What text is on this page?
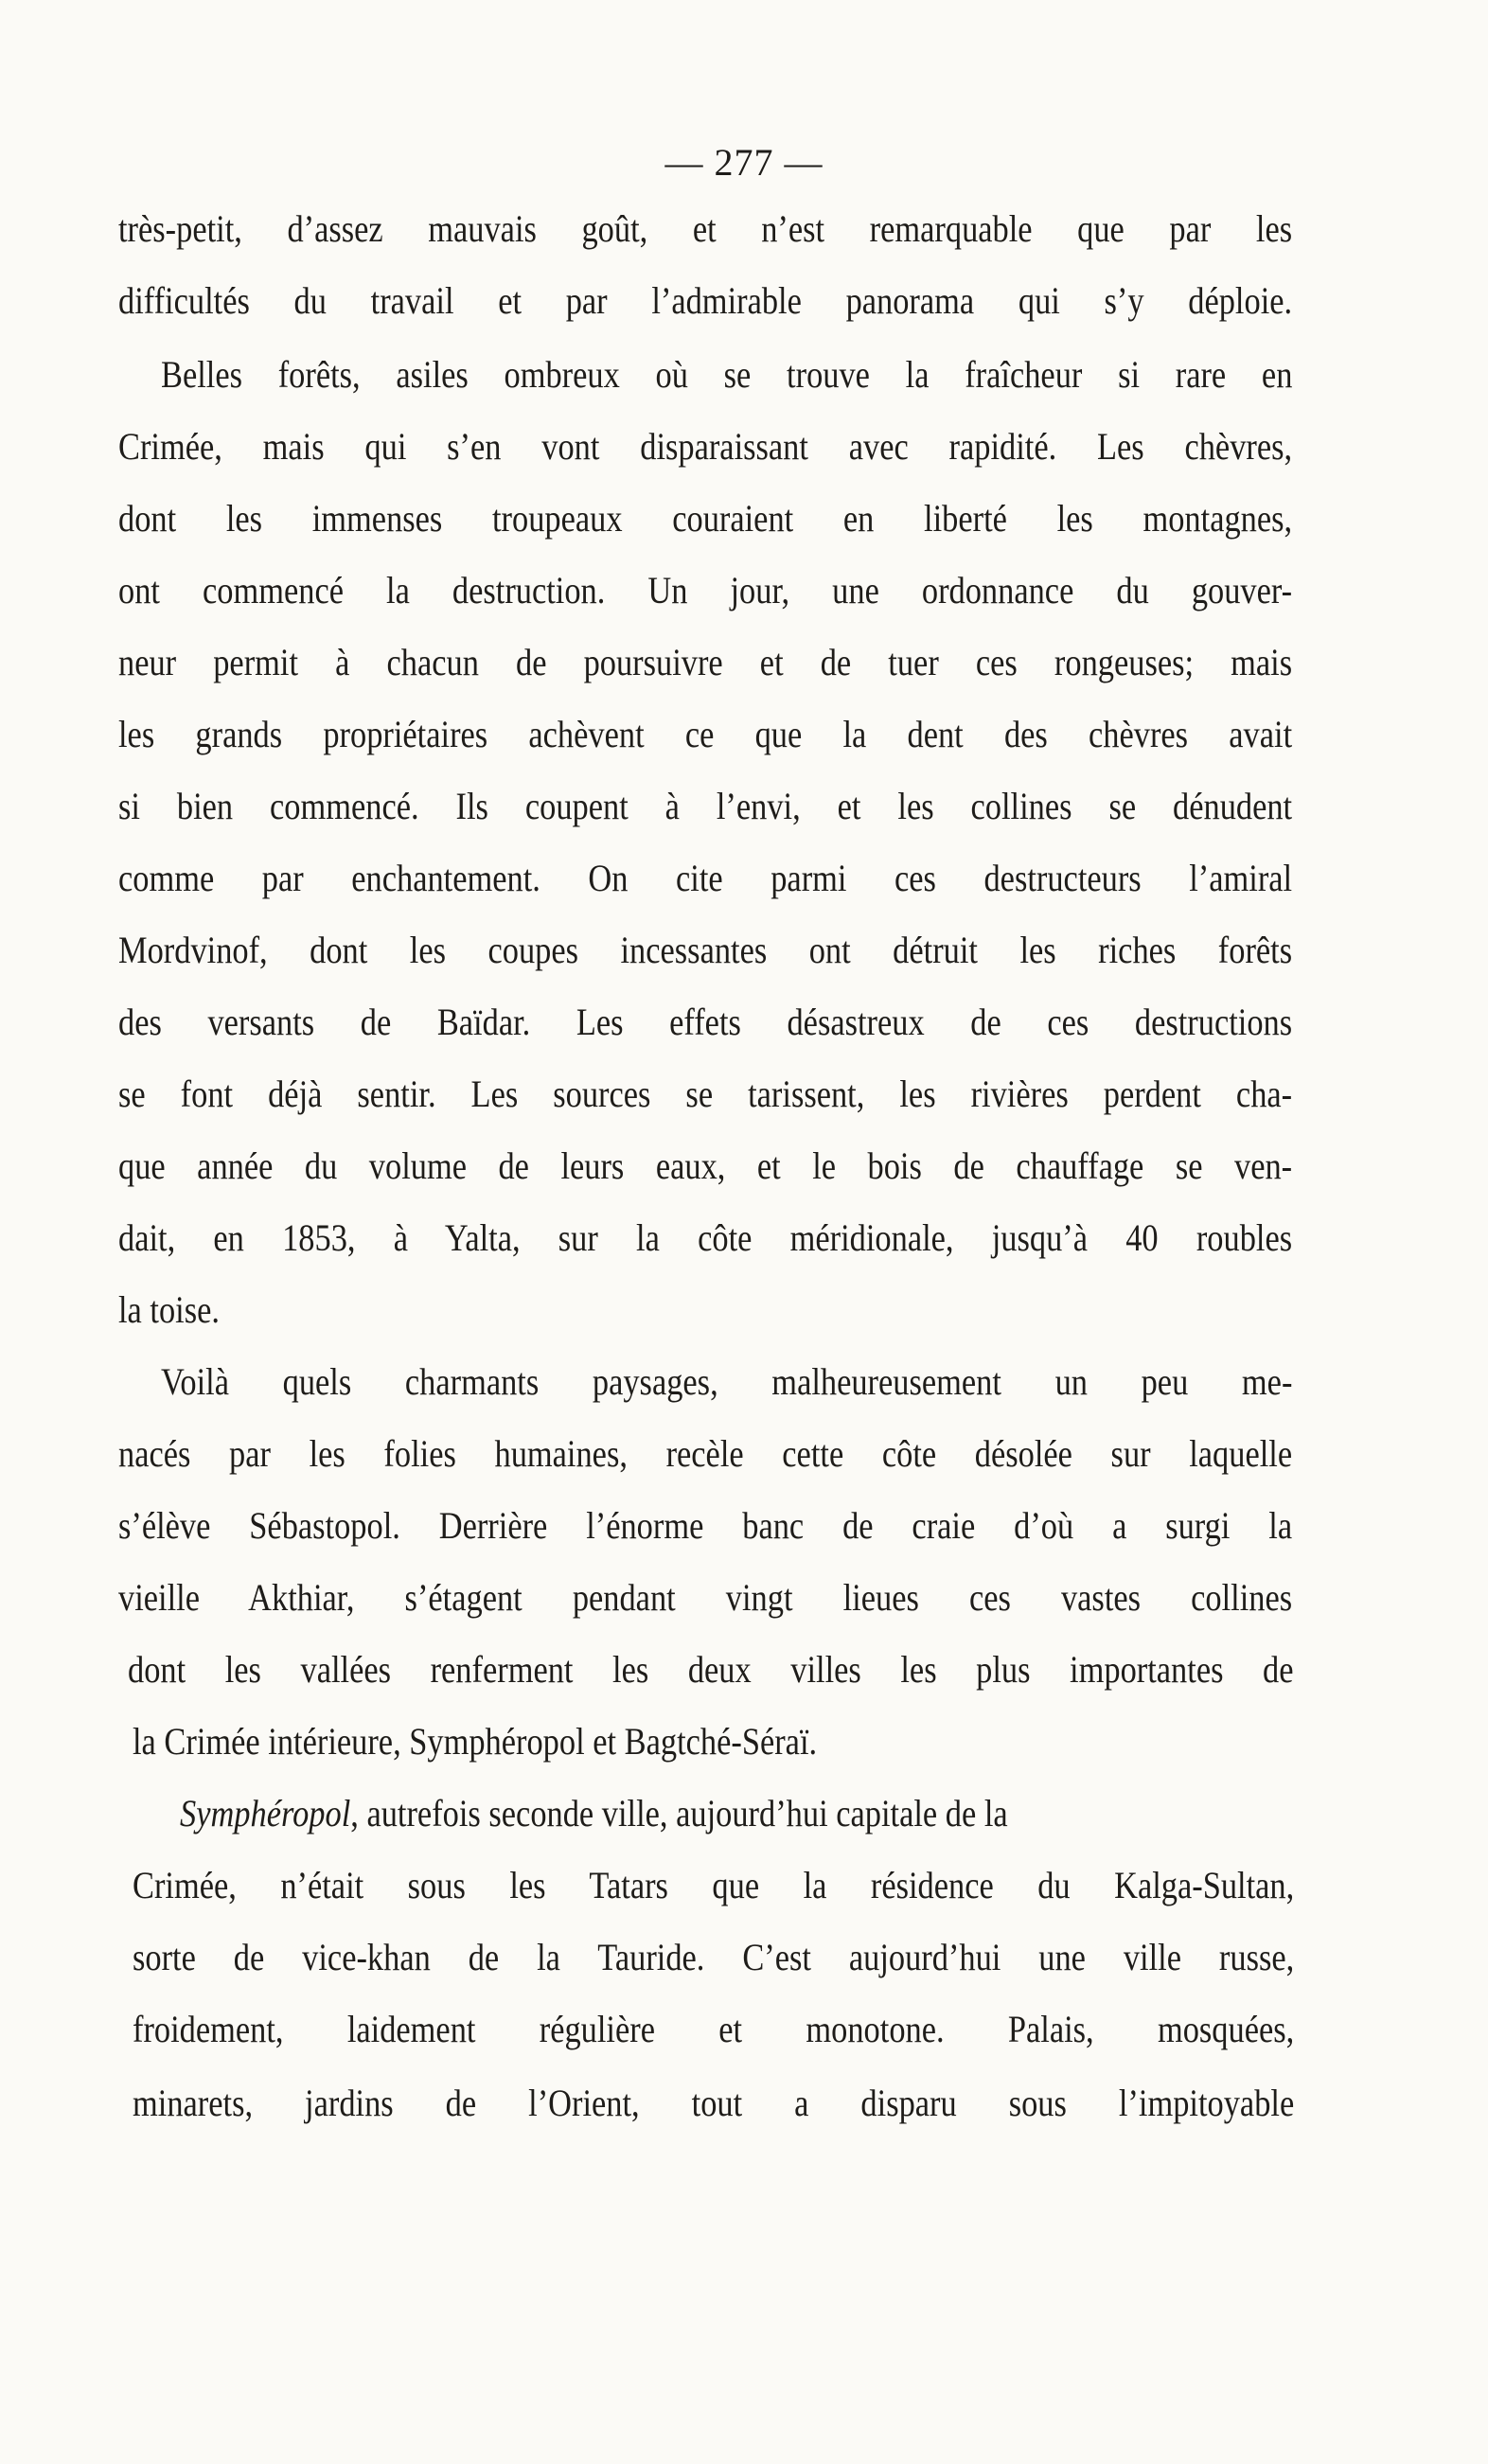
— 277 —
très-petit, d’assez mauvais goût, et n’est remarquable que par les
difficultés du travail et par l’admirable panorama qui s’y déploie.
Belles forêts, asiles ombreux où se trouve la fraîcheur si rare en
Crimée, mais qui s’en vont disparaissant avec rapidité. Les chèvres,
dont les immenses troupeaux couraient en liberté les montagnes,
ont commencé la destruction. Un jour, une ordonnance du gouver-
neur permit à chacun de poursuivre et de tuer ces rongeuses; mais
les grands propriétaires achèvent ce que la dent des chèvres avait
si bien commencé. Ils coupent à l’envi, et les collines se dénudent
comme par enchantement. On cite parmi ces destructeurs l’amiral
Mordvinof, dont les coupes incessantes ont détruit les riches forêts
des versants de Baïdar. Les effets désastreux de ces destructions
se font déjà sentir. Les sources se tarissent, les rivières perdent cha-
que année du volume de leurs eaux, et le bois de chauffage se ven-
dait, en 1853, à Yalta, sur la côte méridionale, jusqu’à 40 roubles
la toise.
Voilà quels charmants paysages, malheureusement un peu me-
nacés par les folies humaines, recèle cette côte désolée sur laquelle
s’élève Sébastopol. Derrière l’énorme banc de craie d’où a surgi la
vieille Akthiar, s’étagent pendant vingt lieues ces vastes collines
dont les vallées renferment les deux villes les plus importantes de
la Crimée intérieure, Symphéropol et Bagtché-Séraï.
Symphéropol, autrefois seconde ville, aujourd’hui capitale de la
Crimée, n’était sous les Tatars que la résidence du Kalga-Sultan,
sorte de vice-khan de la Tauride. C’est aujourd’hui une ville russe,
froidement, laidement régulière et monotone. Palais, mosquées,
minarets, jardins de l’Orient, tout a disparu sous l’impitoyable
